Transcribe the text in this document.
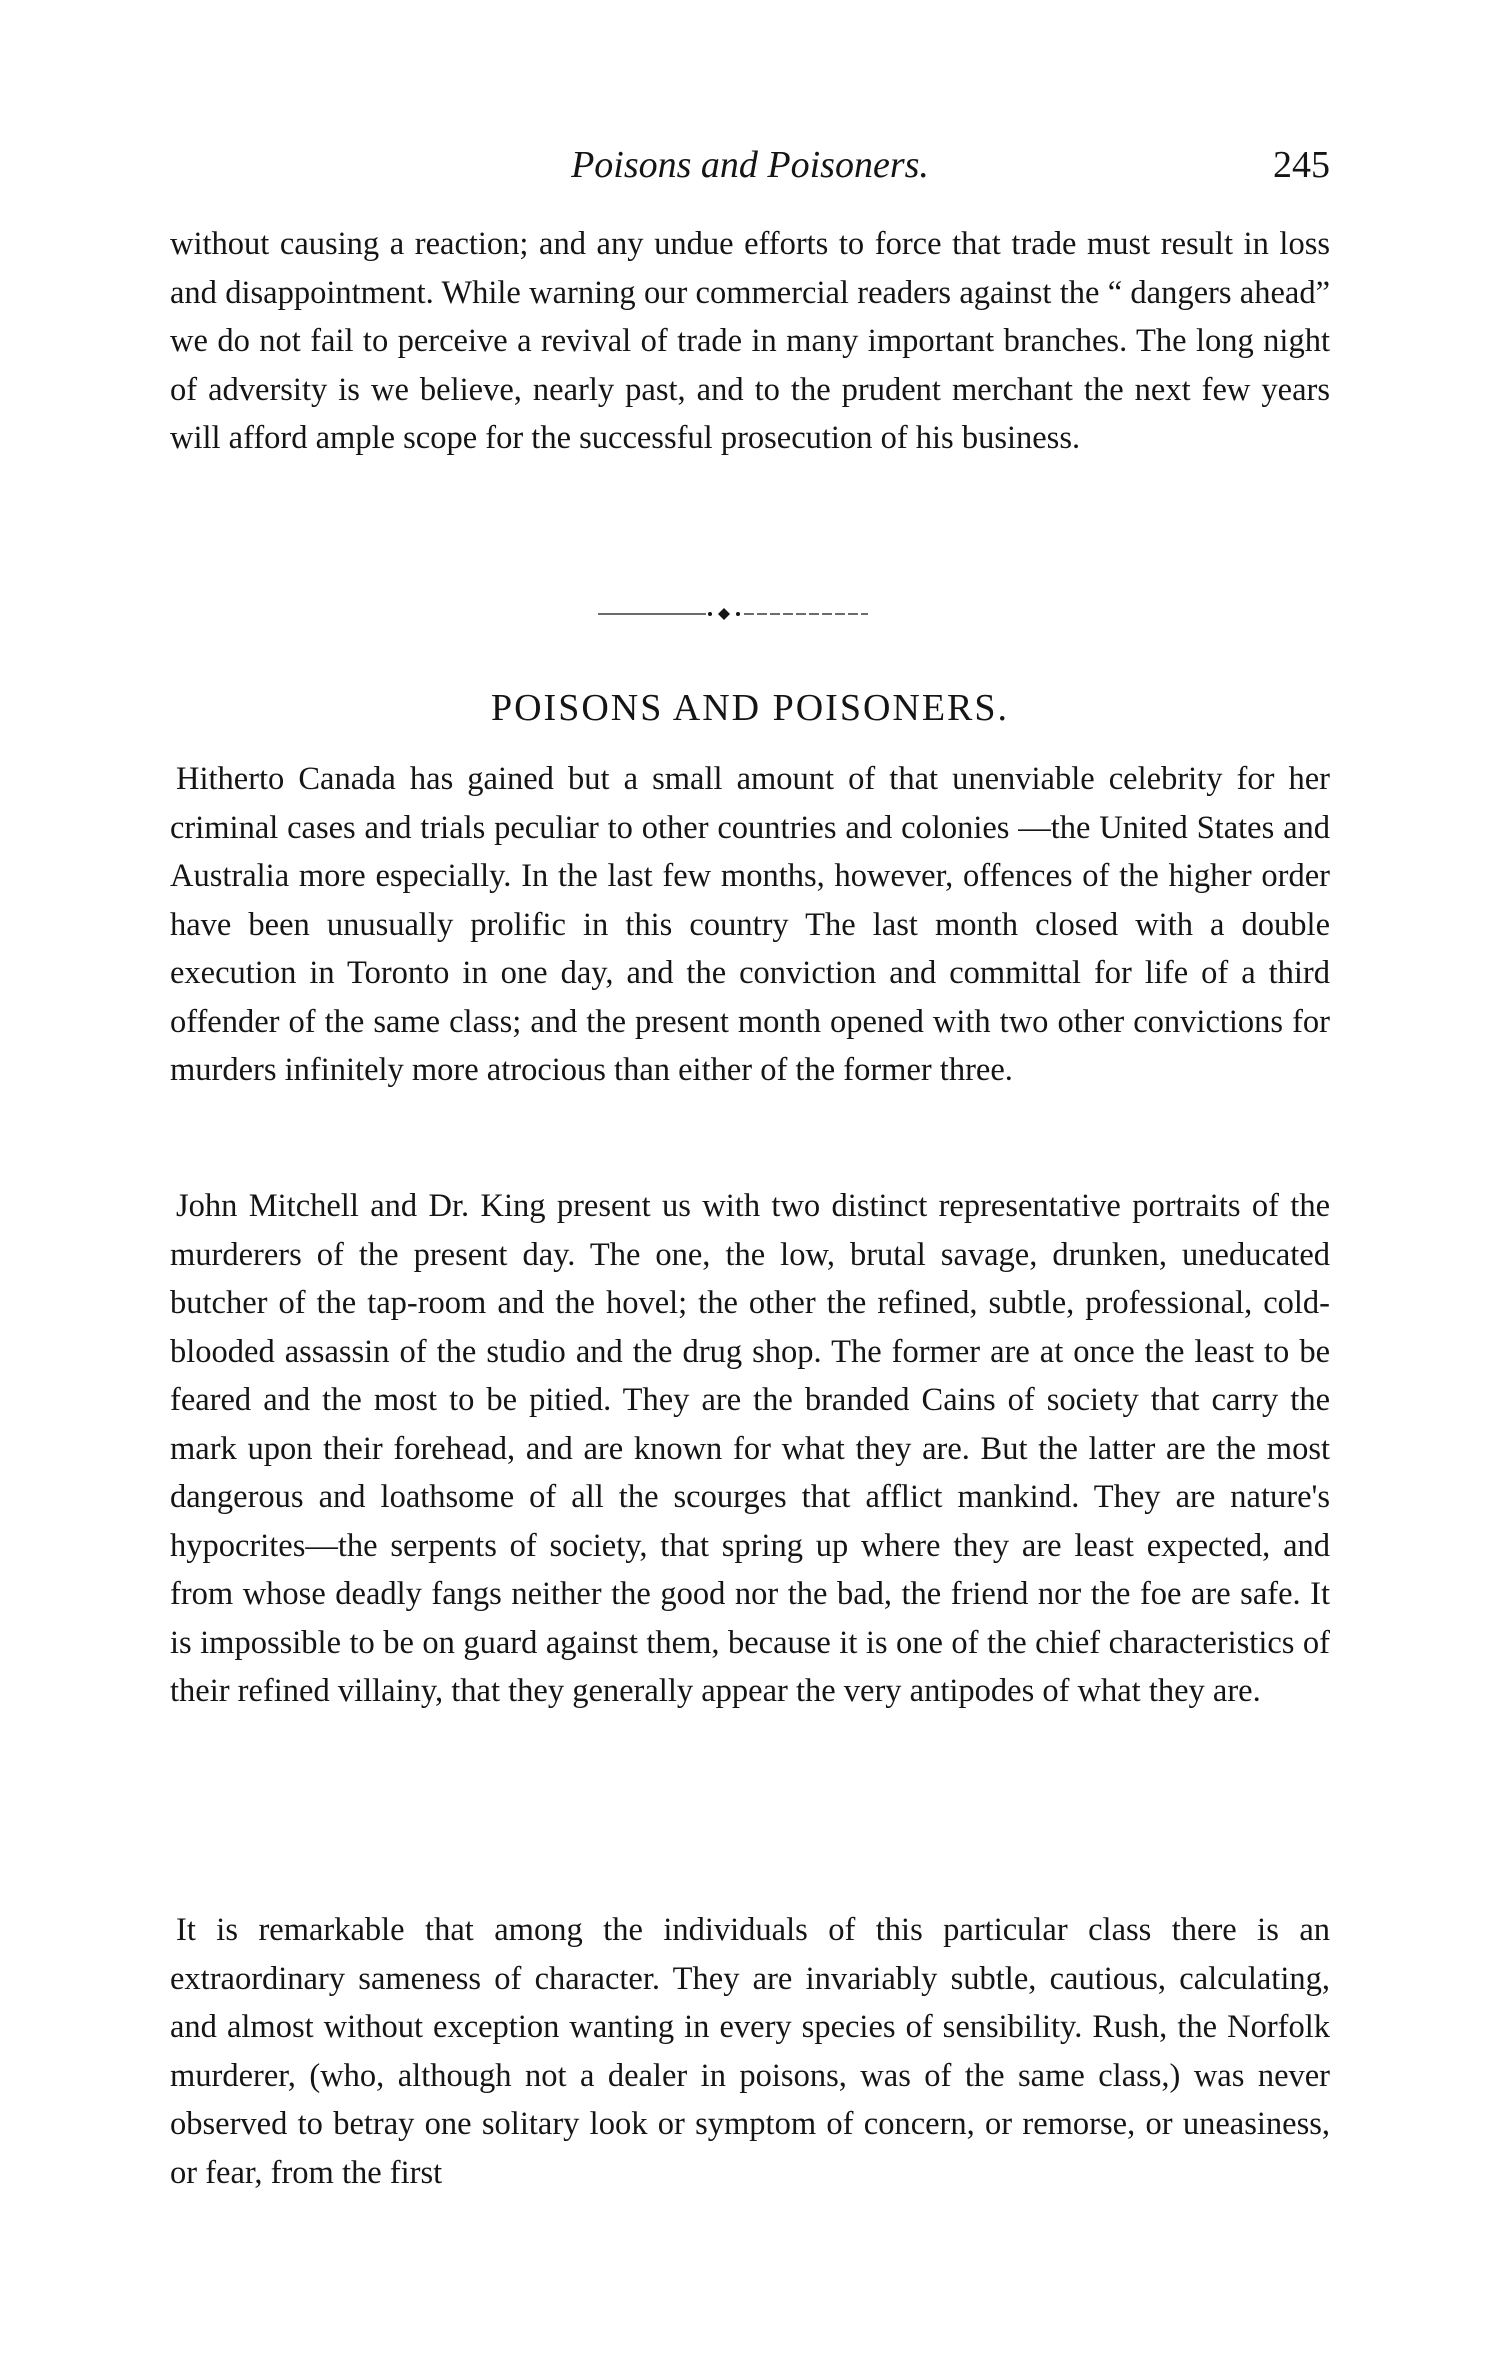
Poisons and Poisoners.	245

without causing a reaction; and any undue efforts to force that trade must result in loss and disappointment. While warning our commercial readers against the “ dangers ahead” we do not fail to perceive a revival of trade in many important branches. The long night of adversity is we believe, nearly past, and to the prudent merchant the next few years will afford ample scope for the successful prosecution of his business.

POISONS AND POISONERS.

Hitherto Canada has gained but a small amount of that unenviable celebrity for her criminal cases and trials peculiar to other countries and colonies —the United States and Australia more especially. In the last few months, however, offences of the higher order have been unusually prolific in this country The last month closed with a double execution in Toronto in one day, and the conviction and committal for life of a third offender of the same class; and the present month opened with two other convictions for murders infinitely more atrocious than either of the former three.

John Mitchell and Dr. King present us with two distinct representative portraits of the murderers of the present day. The one, the low, brutal savage, drunken, uneducated butcher of the tap-room and the hovel; the other the refined, subtle, professional, cold-blooded assassin of the studio and the drug shop. The former are at once the least to be feared and the most to be pitied. They are the branded Cains of society that carry the mark upon their forehead, and are known for what they are. But the latter are the most dangerous and loathsome of all the scourges that afflict mankind. They are nature's hypocrites—the serpents of society, that spring up where they are least expected, and from whose deadly fangs neither the good nor the bad, the friend nor the foe are safe. It is impossible to be on guard against them, because it is one of the chief characteristics of their refined villainy, that they generally appear the very antipodes of what they are.

It is remarkable that among the individuals of this particular class there is an extraordinary sameness of character. They are invariably subtle, cautious, calculating, and almost without exception wanting in every species of sensibility. Rush, the Norfolk murderer, (who, although not a dealer in poisons, was of the same class,) was never observed to betray one solitary look or symptom of concern, or remorse, or uneasiness, or fear, from the first
